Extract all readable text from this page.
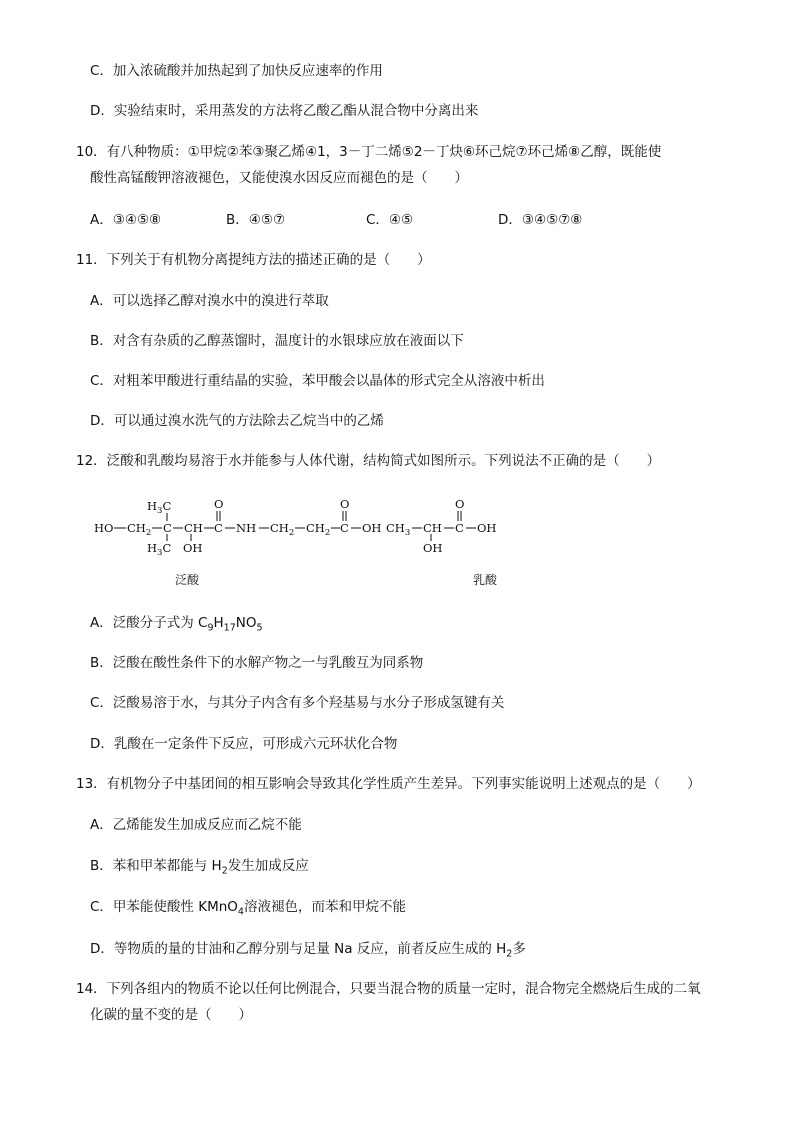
C．加入浓硫酸并加热起到了加快反应速率的作用
D．实验结束时，采用蒸发的方法将乙酸乙酯从混合物中分离出来
10．有八种物质：①甲烷②苯③聚乙烯④1，3－丁二烯⑤2－丁炔⑥环己烷⑦环己烯⑧乙醇，既能使
酸性高锰酸钾溶液褪色，又能使溴水因反应而褪色的是（　　）
A．③④⑤⑧	B．④⑤⑦	C．④⑤	D．③④⑤⑦⑧
11．下列关于有机物分离提纯方法的描述正确的是（　　）
A．可以选择乙醇对溴水中的溴进行萃取
B．对含有杂质的乙醇蒸馏时，温度计的水银球应放在液面以下
C．对粗苯甲酸进行重结晶的实验，苯甲酸会以晶体的形式完全从溶液中析出
D．可以通过溴水洗气的方法除去乙烷当中的乙烯
12．泛酸和乳酸均易溶于水并能参与人体代谢，结构简式如图所示。下列说法不正确的是（　　）
HO $CH_2$ C
$H_3C$
$H_3C$
CH
OH
C
O
NH $CH_2$ $CH_2$ C
O
OH $CH_3$ CH
OH
C
O
OH
泛酸	乳酸
A．泛酸分子式为 $C_9H_{17}NO_5$
B．泛酸在酸性条件下的水解产物之一与乳酸互为同系物
C．泛酸易溶于水，与其分子内含有多个羟基易与水分子形成氢键有关
D．乳酸在一定条件下反应，可形成六元环状化合物
13．有机物分子中基团间的相互影响会导致其化学性质产生差异。下列事实能说明上述观点的是（　　）
A．乙烯能发生加成反应而乙烷不能
B．苯和甲苯都能与 $H_2$发生加成反应
C．甲苯能使酸性 KMnO$_4$溶液褪色，而苯和甲烷不能
D．等物质的量的甘油和乙醇分别与足量 Na 反应，前者反应生成的 $H_2$多
14．下列各组内的物质不论以任何比例混合，只要当混合物的质量一定时，混合物完全燃烧后生成的二氧
化碳的量不变的是（　　）
